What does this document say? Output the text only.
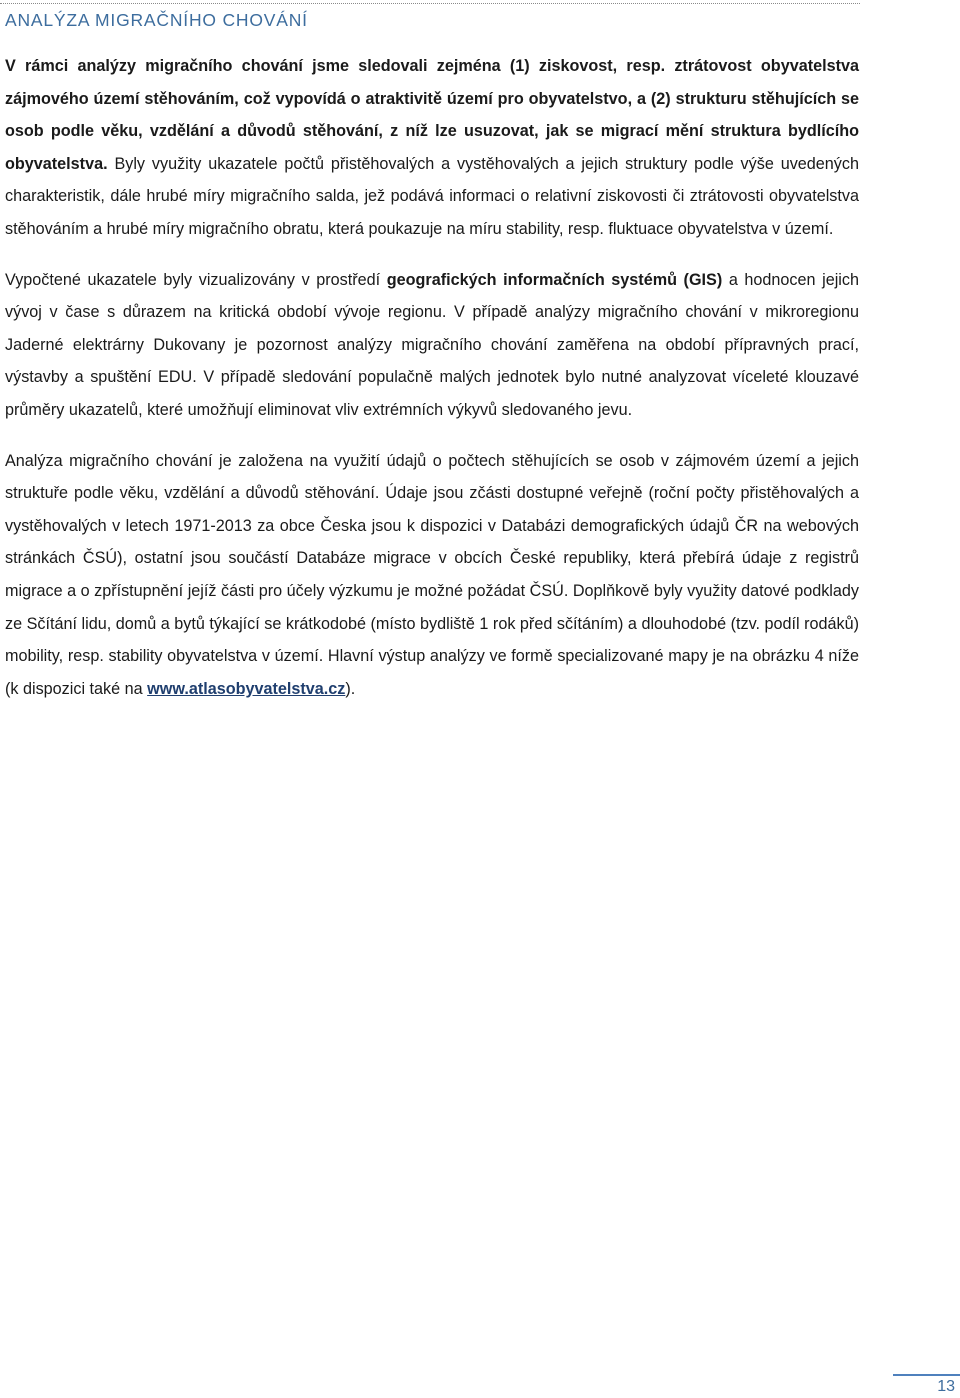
ANALÝZA MIGRAČNÍHO CHOVÁNÍ

V rámci analýzy migračního chování jsme sledovali zejména (1) ziskovost, resp. ztrátovost obyvatelstva zájmového území stěhováním, což vypovídá o atraktivitě území pro obyvatelstvo, a (2) strukturu stěhujících se osob podle věku, vzdělání a důvodů stěhování, z níž lze usuzovat, jak se migrací mění struktura bydlícího obyvatelstva. Byly využity ukazatele počtů přistěhovalých a vystěhovalých a jejich struktury podle výše uvedených charakteristik, dále hrubé míry migračního salda, jež podává informaci o relativní ziskovosti či ztrátovosti obyvatelstva stěhováním a hrubé míry migračního obratu, která poukazuje na míru stability, resp. fluktuace obyvatelstva v území.

Vypočtené ukazatele byly vizualizovány v prostředí geografických informačních systémů (GIS) a hodnocen jejich vývoj v čase s důrazem na kritická období vývoje regionu. V případě analýzy migračního chování v mikroregionu Jaderné elektrárny Dukovany je pozornost analýzy migračního chování zaměřena na období přípravných prací, výstavby a spuštění EDU. V případě sledování populačně malých jednotek bylo nutné analyzovat víceleté klouzavé průměry ukazatelů, které umožňují eliminovat vliv extrémních výkyvů sledovaného jevu.

Analýza migračního chování je založena na využití údajů o počtech stěhujících se osob v zájmovém území a jejich struktuře podle věku, vzdělání a důvodů stěhování. Údaje jsou zčásti dostupné veřejně (roční počty přistěhovalých a vystěhovalých v letech 1971-2013 za obce Česka jsou k dispozici v Databázi demografických údajů ČR na webových stránkách ČSÚ), ostatní jsou součástí Databáze migrace v obcích České republiky, která přebírá údaje z registrů migrace a o zpřístupnění jejíž části pro účely výzkumu je možné požádat ČSÚ. Doplňkově byly využity datové podklady ze Sčítání lidu, domů a bytů týkající se krátkodobé (místo bydliště 1 rok před sčítáním) a dlouhodobé (tzv. podíl rodáků) mobility, resp. stability obyvatelstva v území. Hlavní výstup analýzy ve formě specializované mapy je na obrázku 4 níže (k dispozici také na www.atlasobyvatelstva.cz).

13
